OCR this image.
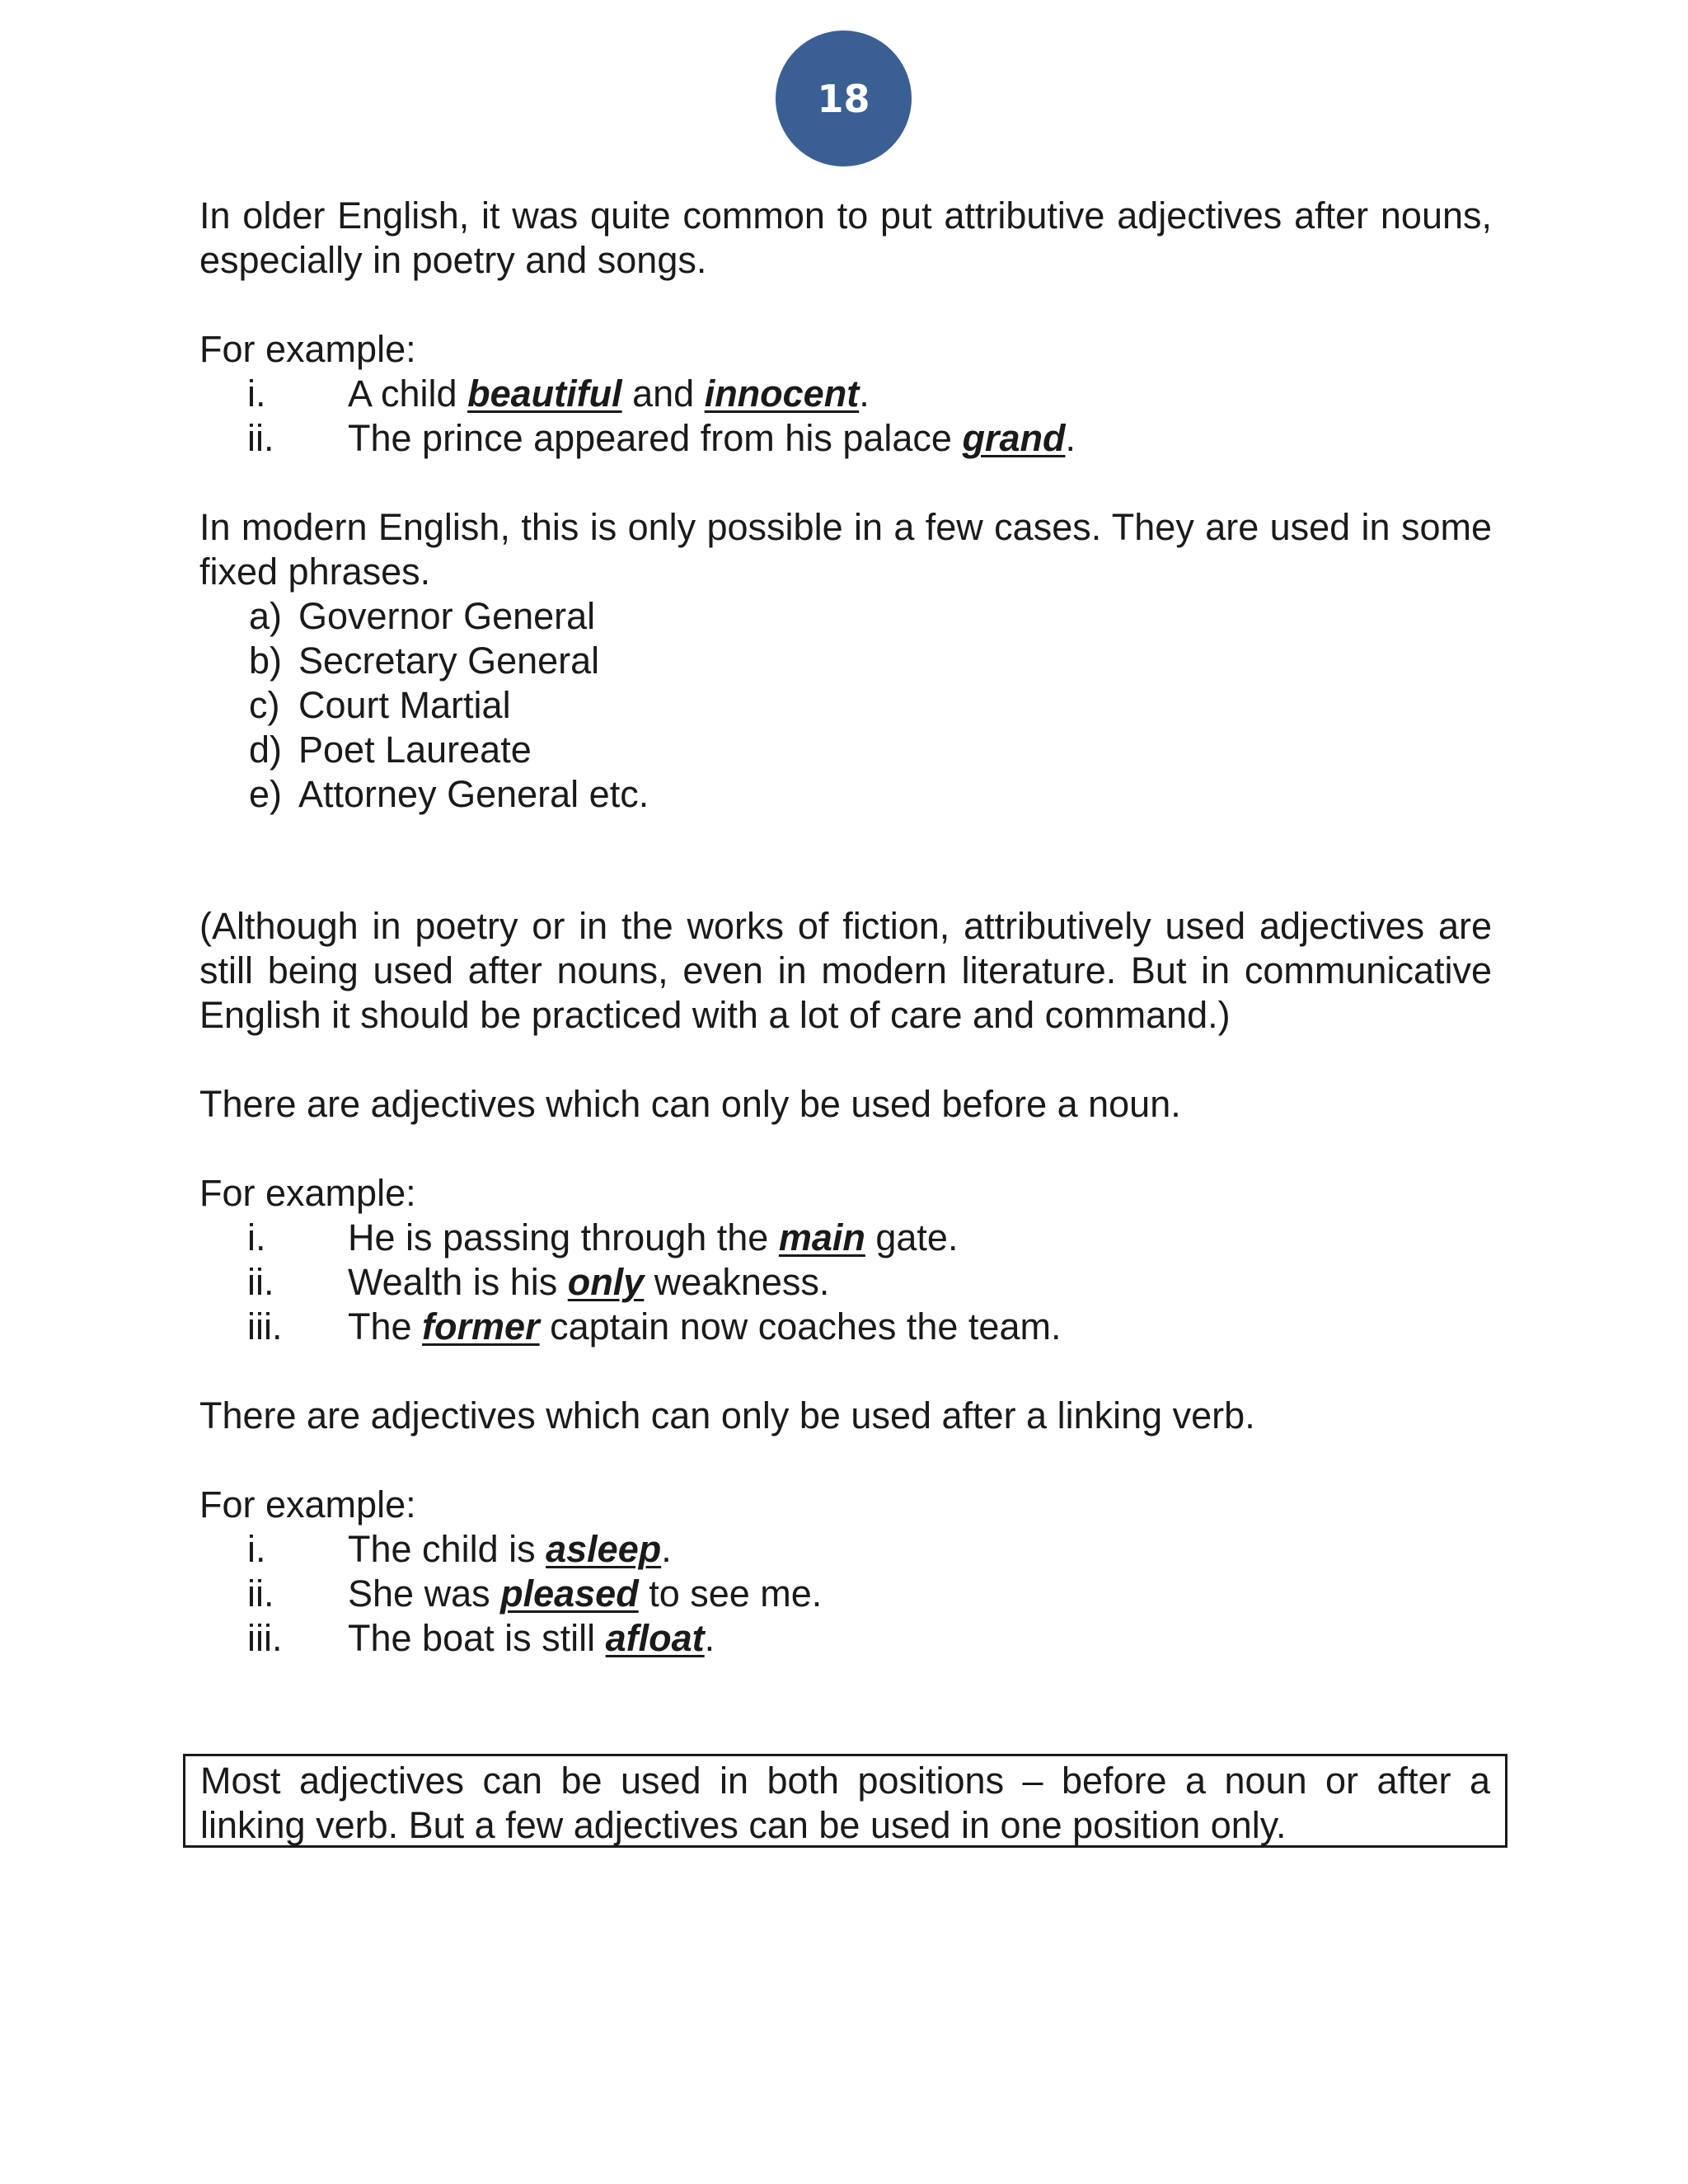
18

In older English, it was quite common to put attributive adjectives after nouns, especially in poetry and songs.

For example:

i. A child beautiful and innocent.
ii. The prince appeared from his palace grand.

In modern English, this is only possible in a few cases. They are used in some fixed phrases.

a) Governor General
b) Secretary General
c) Court Martial
d) Poet Laureate
e) Attorney General etc.

(Although in poetry or in the works of fiction, attributively used adjectives are still being used after nouns, even in modern literature. But in communicative English it should be practiced with a lot of care and command.)

There are adjectives which can only be used before a noun.

For example:

i. He is passing through the main gate.
ii. Wealth is his only weakness.
iii. The former captain now coaches the team.

There are adjectives which can only be used after a linking verb.

For example:

i. The child is asleep.
ii. She was pleased to see me.
iii. The boat is still afloat.

Most adjectives can be used in both positions – before a noun or after a linking verb. But a few adjectives can be used in one position only.
